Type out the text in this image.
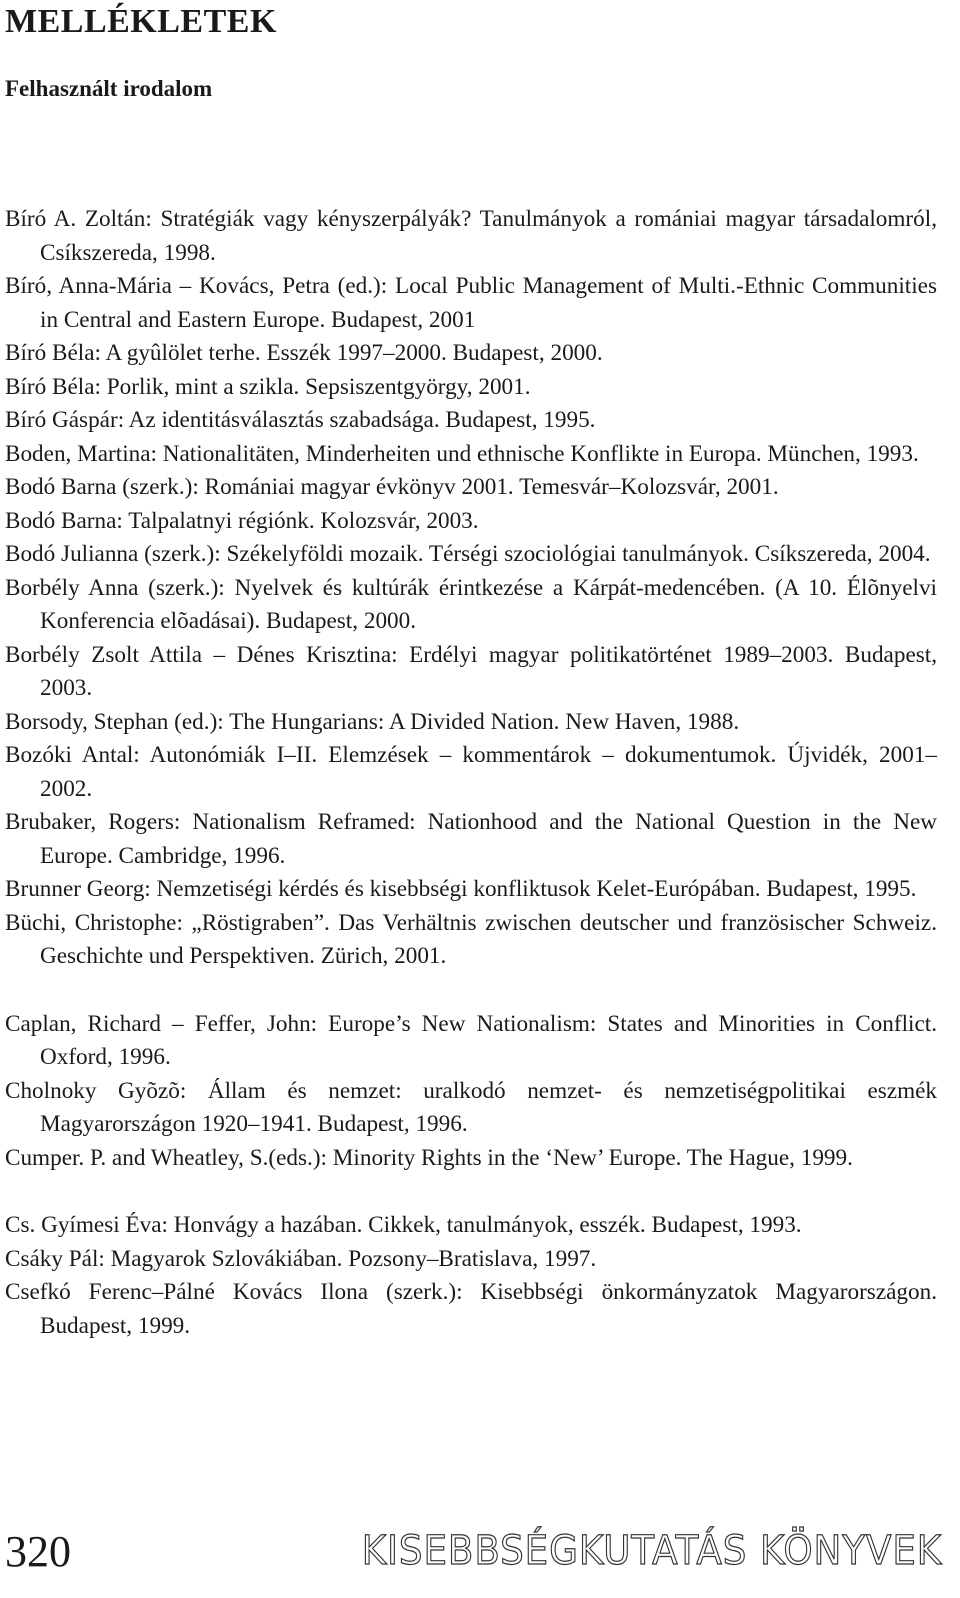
MELLÉKLETEK
Felhasznált irodalom
Bíró A. Zoltán: Stratégiák vagy kényszerpályák? Tanulmányok a romániai magyar társadalomról, Csíkszereda, 1998.
Bíró, Anna-Mária – Kovács, Petra (ed.): Local Public Management of Multi.-Ethnic Communities in Central and Eastern Europe. Budapest, 2001
Bíró Béla: A gyûlölet terhe. Esszék 1997–2000. Budapest, 2000.
Bíró Béla: Porlik, mint a szikla. Sepsiszentgyörgy, 2001.
Bíró Gáspár: Az identitásválasztás szabadsága. Budapest, 1995.
Boden, Martina: Nationalitäten, Minderheiten und ethnische Konflikte in Europa. München, 1993.
Bodó Barna (szerk.): Romániai magyar évkönyv 2001. Temesvár–Kolozsvár, 2001.
Bodó Barna: Talpalatnyi régiónk. Kolozsvár, 2003.
Bodó Julianna (szerk.): Székelyföldi mozaik. Térségi szociológiai tanulmányok. Csíkszereda, 2004.
Borbély Anna (szerk.): Nyelvek és kultúrák érintkezése a Kárpát-medencében. (A 10. Élõnyelvi Konferencia elõadásai). Budapest, 2000.
Borbély Zsolt Attila – Dénes Krisztina: Erdélyi magyar politikatörténet 1989–2003. Budapest, 2003.
Borsody, Stephan (ed.): The Hungarians: A Divided Nation. New Haven, 1988.
Bozóki Antal: Autonómiák I–II. Elemzések – kommentárok – dokumentumok. Újvidék, 2001– 2002.
Brubaker, Rogers: Nationalism Reframed: Nationhood and the National Question in the New Europe. Cambridge, 1996.
Brunner Georg: Nemzetiségi kérdés és kisebbségi konfliktusok Kelet-Európában. Budapest, 1995.
Büchi, Christophe: „Röstigraben”. Das Verhältnis zwischen deutscher und französischer Schweiz. Geschichte und Perspektiven. Zürich, 2001.
Caplan, Richard – Feffer, John: Europe’s New Nationalism: States and Minorities in Conflict. Oxford, 1996.
Cholnoky Gyõzõ: Állam és nemzet: uralkodó nemzet- és nemzetiségpolitikai eszmék Magyarországon 1920–1941. Budapest, 1996.
Cumper. P. and Wheatley, S.(eds.): Minority Rights in the ‘New’ Europe. The Hague, 1999.
Cs. Gyímesi Éva: Honvágy a hazában. Cikkek, tanulmányok, esszék. Budapest, 1993.
Csáky Pál: Magyarok Szlovákiában. Pozsony–Bratislava, 1997.
Csefkó Ferenc–Pálné Kovács Ilona (szerk.): Kisebbségi önkormányzatok Magyarországon. Budapest, 1999.
320	KISEBBSÉGKUTATÁS KÖNYVEK
